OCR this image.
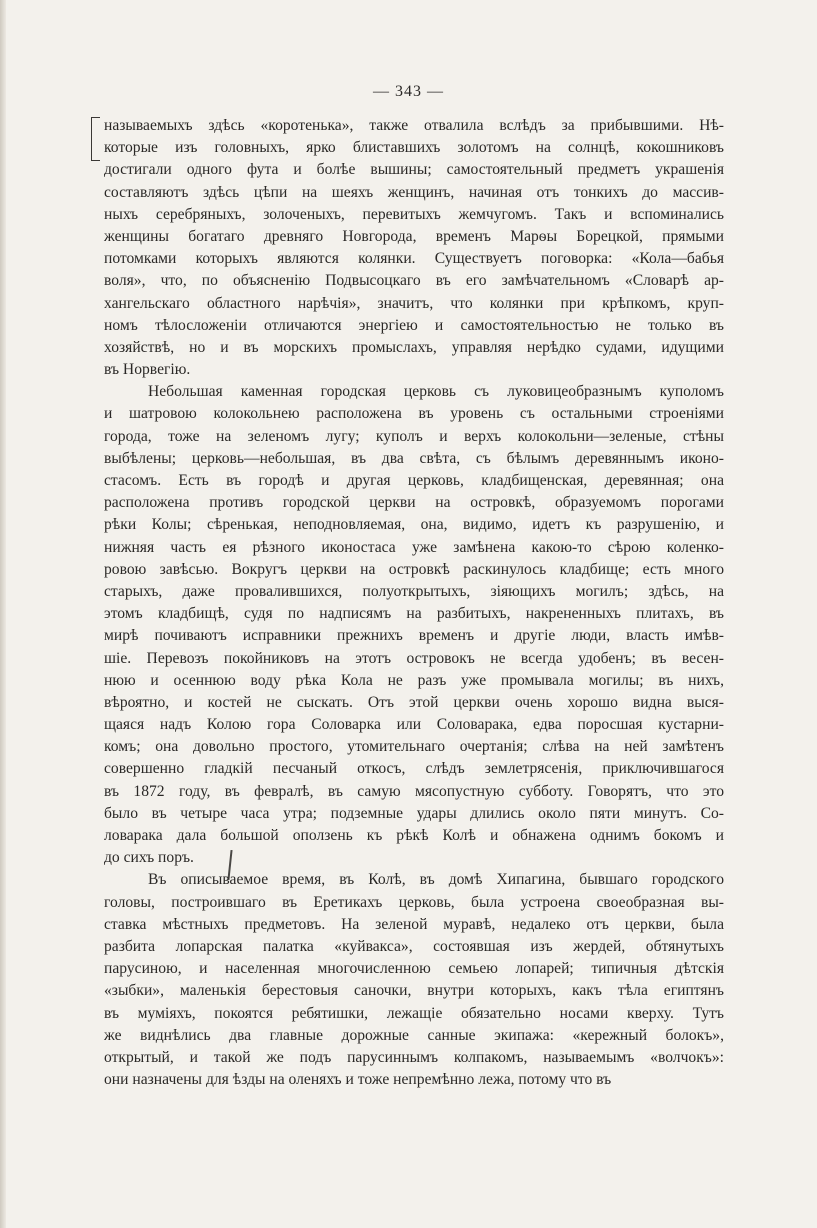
— 343 —
называемыхъ здѣсь «коротенька», также отвалила вслѣдъ за прибывшими. Нѣ-
которые изъ головныхъ, ярко блиставшихъ золотомъ на солнцѣ, кокошниковъ
достигали одного фута и болѣе вышины; самостоятельный предметъ украшенія
составляютъ здѣсь цѣпи на шеяхъ женщинъ, начиная отъ тонкихъ до массив-
ныхъ серебряныхъ, золоченыхъ, перевитыхъ жемчугомъ. Такъ и вспоминались
женщины богатаго древняго Новгорода, временъ Марѳы Борецкой, прямыми
потомками которыхъ являются колянки. Существуетъ поговорка: «Кола—бабья
воля», что, по объясненію Подвысоцкаго въ его замѣчательномъ «Словарѣ ар-
хангельскаго областного нарѣчія», значитъ, что колянки при крѣпкомъ, круп-
номъ тѣлосложеніи отличаются энергіею и самостоятельностью не только въ
хозяйствѣ, но и въ морскихъ промыслахъ, управляя нерѣдко судами, идущими
въ Норвегію.
Небольшая каменная городская церковь съ луковицеобразнымъ куполомъ
и шатровою колокольнею расположена въ уровень съ остальными строеніями
города, тоже на зеленомъ лугу; куполъ и верхъ колокольни—зеленые, стѣны
выбѣлены; церковь—небольшая, въ два свѣта, съ бѣлымъ деревяннымъ иконо-
стасомъ. Есть въ городѣ и другая церковь, кладбищенская, деревянная; она
расположена противъ городской церкви на островкѣ, образуемомъ порогами
рѣки Колы; сѣренькая, неподновляемая, она, видимо, идетъ къ разрушенію, и
нижняя часть ея рѣзного иконостаса уже замѣнена какою-то сѣрою коленко-
ровою завѣсью. Вокругъ церкви на островкѣ раскинулось кладбище; есть много
старыхъ, даже провалившихся, полуоткрытыхъ, зіяющихъ могилъ; здѣсь, на
этомъ кладбищѣ, судя по надписямъ на разбитыхъ, накрененныхъ плитахъ, въ
мирѣ почиваютъ исправники прежнихъ временъ и другіе люди, власть имѣв-
шіе. Перевозъ покойниковъ на этотъ островокъ не всегда удобенъ; въ весен-
нюю и осеннюю воду рѣка Кола не разъ уже промывала могилы; въ нихъ,
вѣроятно, и костей не сыскать. Отъ этой церкви очень хорошо видна выся-
щаяся надъ Колою гора Соловарка или Соловарака, едва поросшая кустарни-
комъ; она довольно простого, утомительнаго очертанія; слѣва на ней замѣтенъ
совершенно гладкій песчаный откосъ, слѣдъ землетрясенія, приключившагося
въ 1872 году, въ февралѣ, въ самую мясопустную субботу. Говорятъ, что это
было въ четыре часа утра; подземные удары длились около пяти минутъ. Со-
ловарака дала большой оползень къ рѣкѣ Колѣ и обнажена однимъ бокомъ и
до сихъ поръ.
Въ описываемое время, въ Колѣ, въ домѣ Хипагина, бывшаго городского
головы, построившаго въ Еретикахъ церковь, была устроена своеобразная вы-
ставка мѣстныхъ предметовъ. На зеленой муравѣ, недалеко отъ церкви, была
разбита лопарская палатка «куйвакса», состоявшая изъ жердей, обтянутыхъ
парусиною, и населенная многочисленною семьею лопарей; типичныя дѣтскія
«зыбки», маленькія берестовыя саночки, внутри которыхъ, какъ тѣла египтянъ
въ муміяхъ, покоятся ребятишки, лежащіе обязательно носами кверху. Тутъ
же виднѣлись два главные дорожные санные экипажа: «кережный болокъ»,
открытый, и такой же подъ парусиннымъ колпакомъ, называемымъ «волчокъ»:
они назначены для ѣзды на оленяхъ и тоже непремѣнно лежа, потому что въ
